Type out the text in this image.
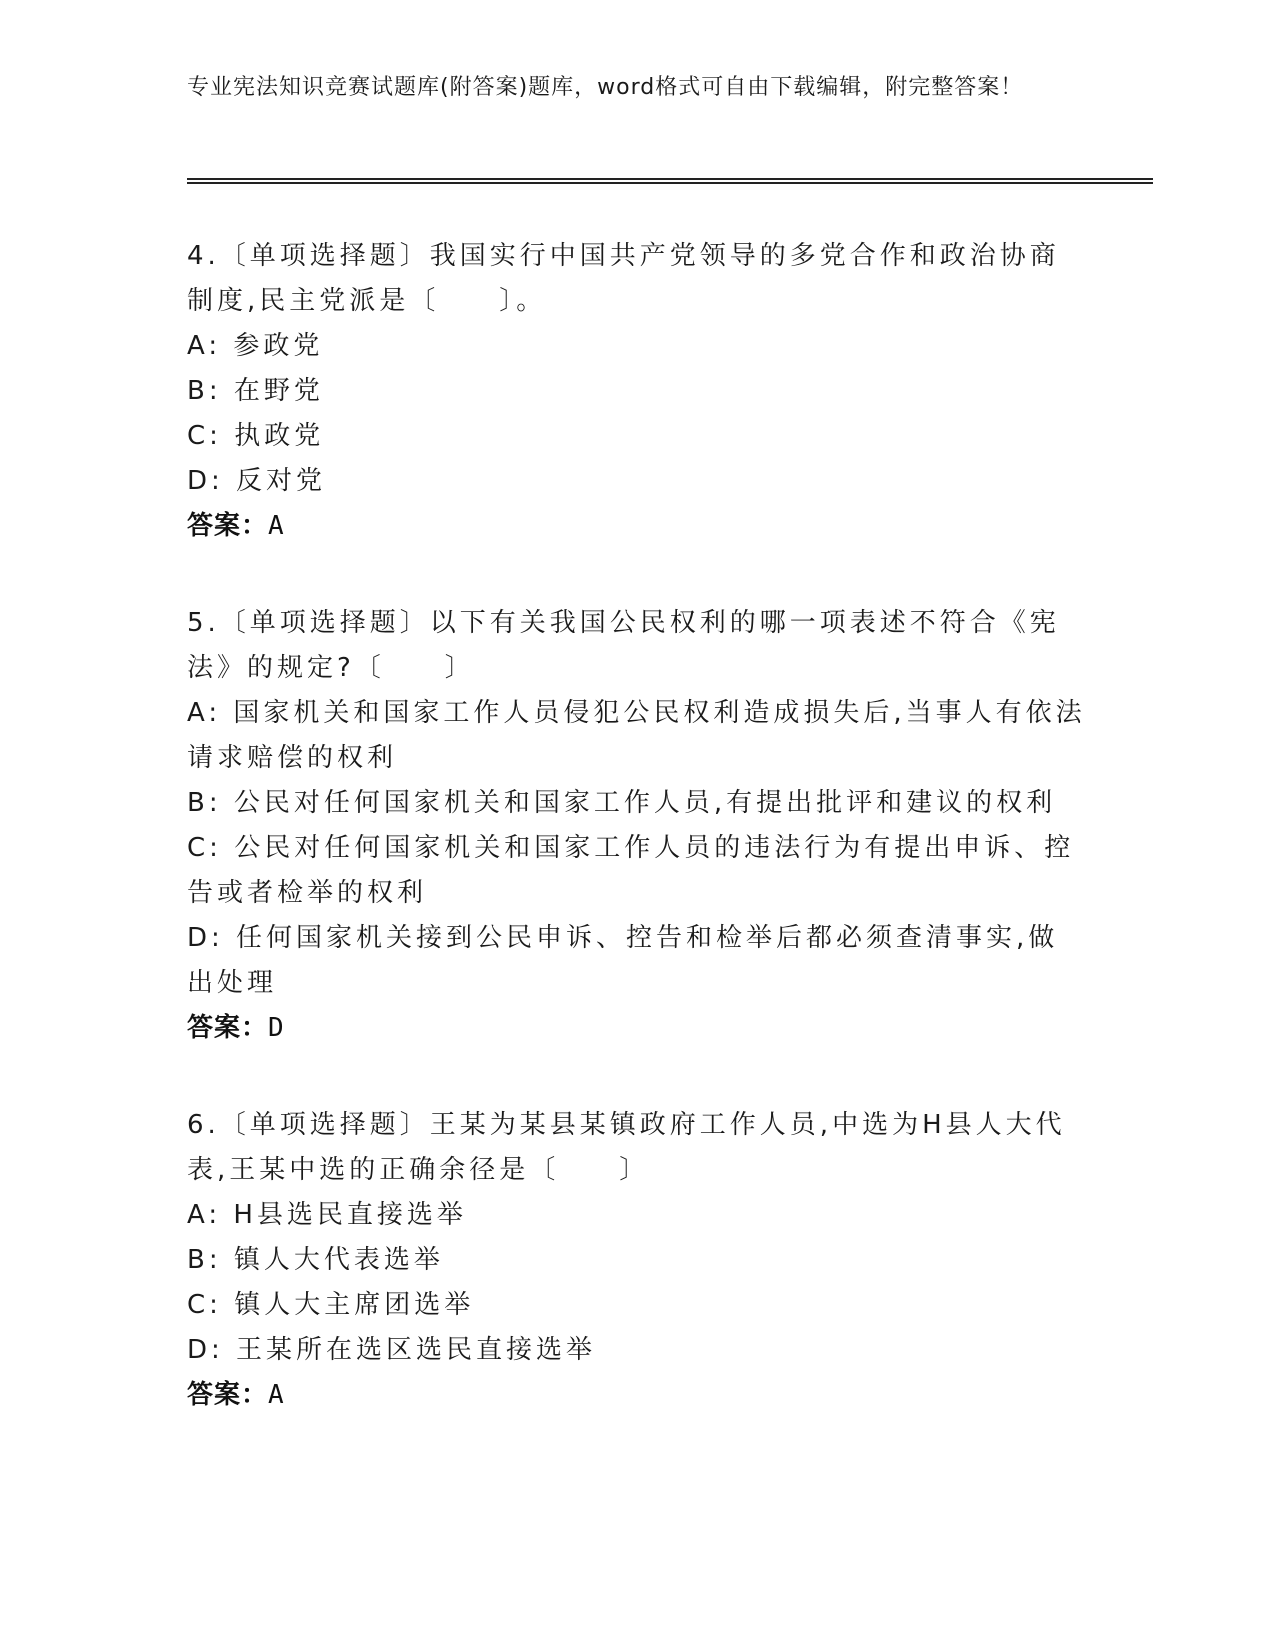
专业宪法知识竞赛试题库(附答案)题库，word格式可自由下载编辑，附完整答案！
4.〔单项选择题〕我国实行中国共产党领导的多党合作和政治协商制度,民主党派是〔　　〕。
A: 参政党
B: 在野党
C: 执政党
D: 反对党
答案：A
5.〔单项选择题〕以下有关我国公民权利的哪一项表述不符合《宪法》的规定?〔　　〕
A: 国家机关和国家工作人员侵犯公民权利造成损失后,当事人有依法请求赔偿的权利
B: 公民对任何国家机关和国家工作人员,有提出批评和建议的权利
C: 公民对任何国家机关和国家工作人员的违法行为有提出申诉、控告或者检举的权利
D: 任何国家机关接到公民申诉、控告和检举后都必须查清事实,做出处理
答案：D
6.〔单项选择题〕王某为某县某镇政府工作人员,中选为H县人大代表,王某中选的正确余径是〔　　〕
A: H县选民直接选举
B: 镇人大代表选举
C: 镇人大主席团选举
D: 王某所在选区选民直接选举
答案：A
